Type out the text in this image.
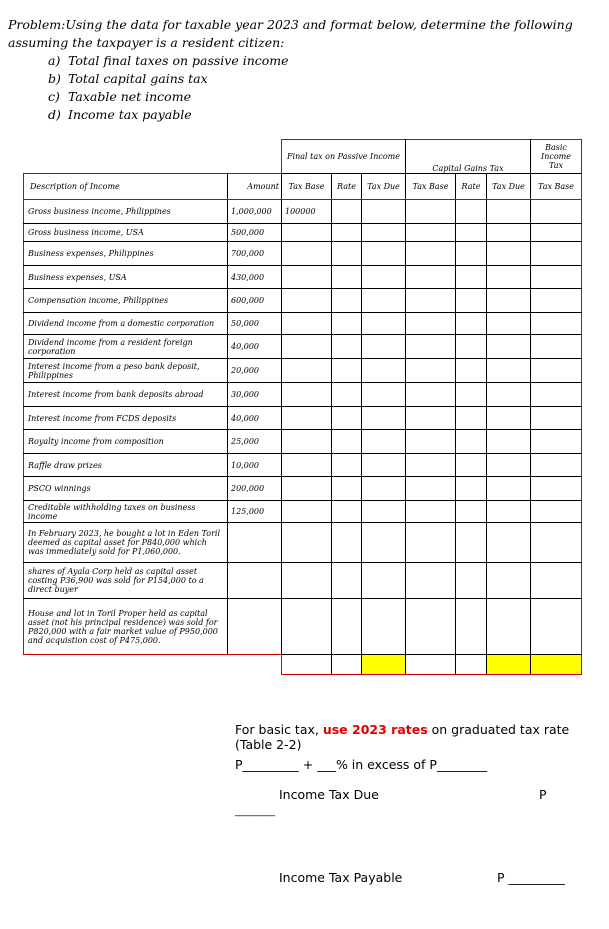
Problem:Using the data for taxable year 2023 and format below, determine the following assuming the taxpayer is a resident citizen:
a) Total final taxes on passive income
b) Total capital gains tax
c) Taxable net income
d) Income tax payable
		Final tax on Passive Income			Capital Gains Tax			Basic Income Tax
Description of Income	Amount	Tax Base	Rate	Tax Due	Tax Base	Rate	Tax Due	Tax Base
Gross business income, Philippines	1,000,000	100000						
Gross business income, USA	500,000							
Business expenses, Philippines	700,000							
Business expenses, USA	430,000							
Compensation income, Philippines	600,000							
Dividend income from a domestic corporation	50,000							
Dividend income from a resident foreign corporation	40,000							
Interest income from a peso bank deposit, Philippines	20,000							
Interest income from bank deposits abroad	30,000							
Interest income from FCDS deposits	40,000							
Royalty income from composition	25,000							
Raffle draw prizes	10,000							
PSCO winnings	200,000							
Creditable withholding taxes on business income	125,000							
In February 2023, he bought a lot in Eden Toril deemed as capital asset for P840,000 which was immediately sold for P1,060,000.								
shares of Ayala Corp held as capital asset costing P36,900 was sold for P154,000 to a direct buyer								
House and lot in Toril Proper held as capital asset (not his principal residence) was sold for P820,000 with a fair market value of P950,000 and acquistion cost of P475,000.								

For basic tax, use 2023 rates on graduated tax rate (Table 2-2)
P_________ + ___% in excess of P________
Income Tax Due	P
________
Income Tax Payable	P _________
